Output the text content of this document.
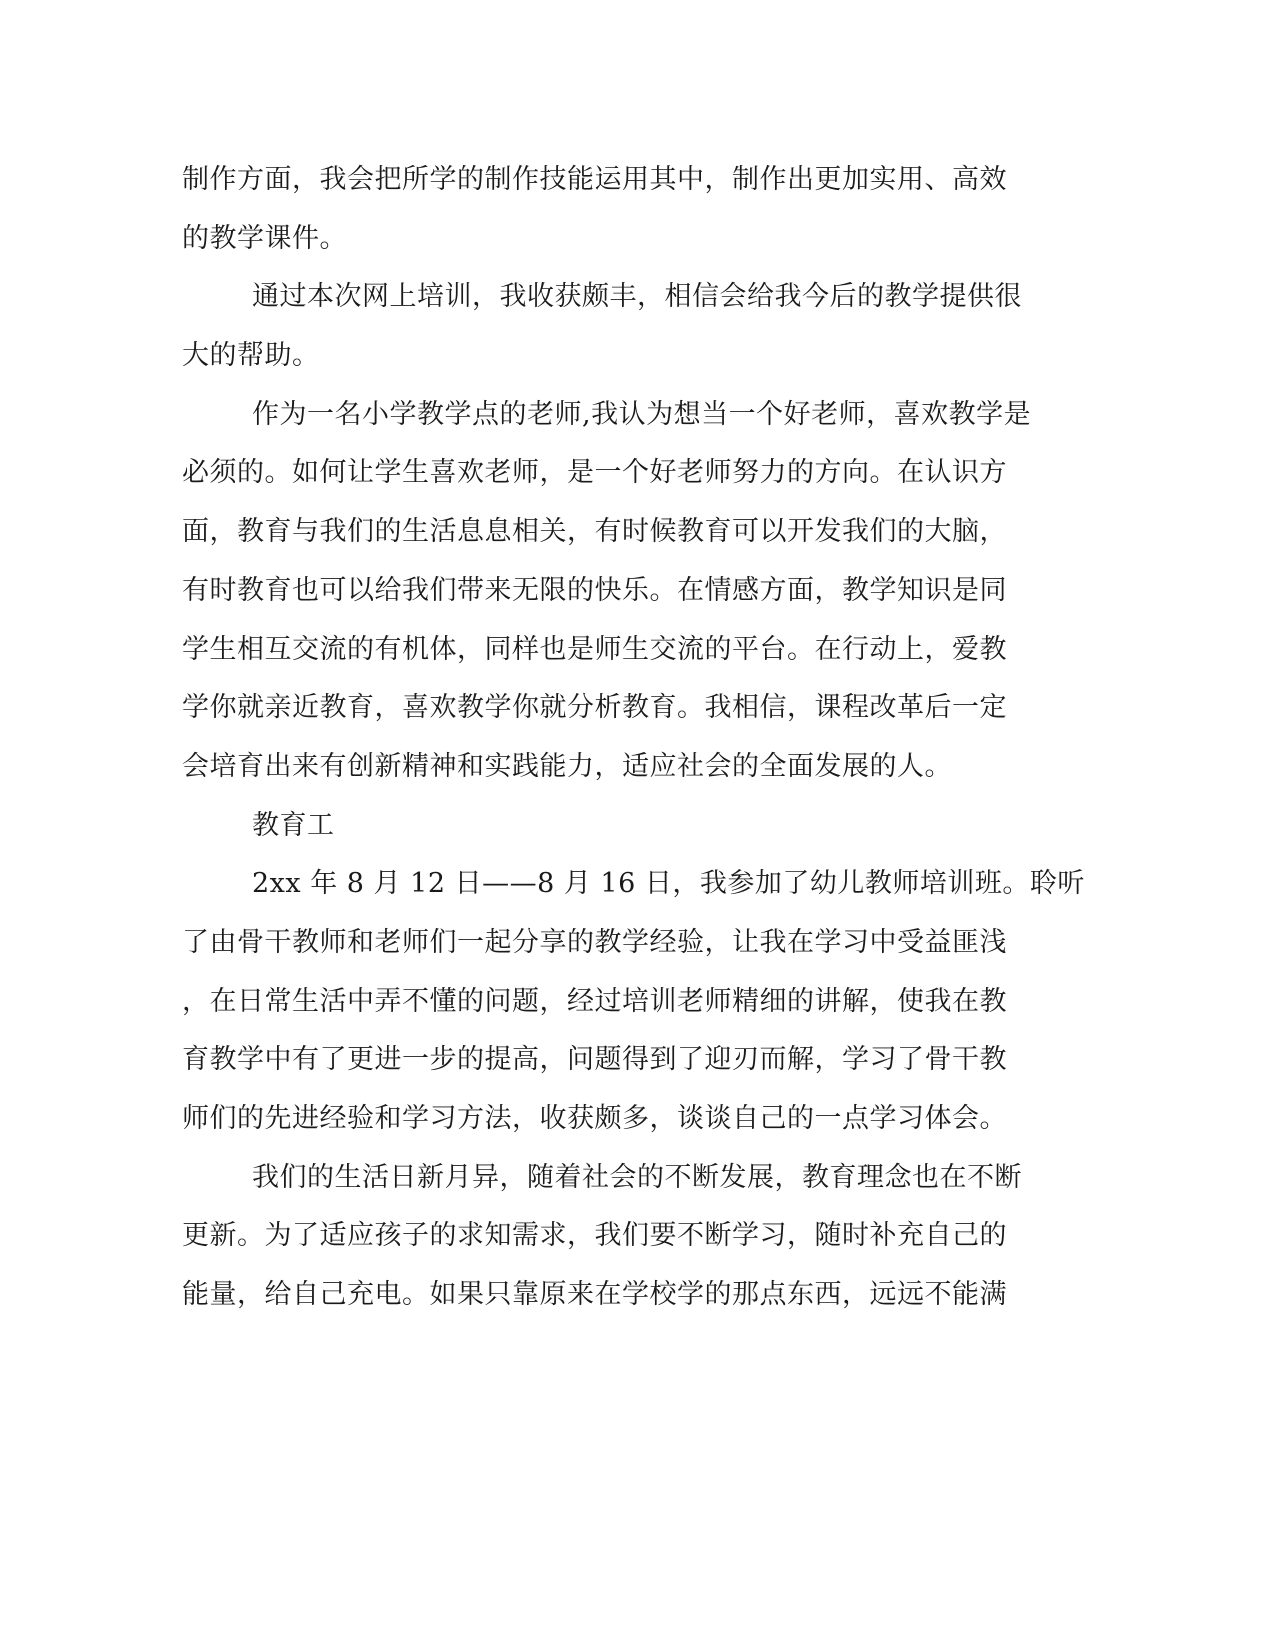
制作方面，我会把所学的制作技能运用其中，制作出更加实用、高效

的教学课件。

通过本次网上培训，我收获颇丰，相信会给我今后的教学提供很

大的帮助。

作为一名小学教学点的老师,我认为想当一个好老师，喜欢教学是

必须的。如何让学生喜欢老师，是一个好老师努力的方向。在认识方

面，教育与我们的生活息息相关，有时候教育可以开发我们的大脑，

有时教育也可以给我们带来无限的快乐。在情感方面，教学知识是同

学生相互交流的有机体，同样也是师生交流的平台。在行动上，爱教

学你就亲近教育，喜欢教学你就分析教育。我相信，课程改革后一定

会培育出来有创新精神和实践能力，适应社会的全面发展的人。

教育工

2xx 年 8 月 12 日——8 月 16 日，我参加了幼儿教师培训班。聆听

了由骨干教师和老师们一起分享的教学经验，让我在学习中受益匪浅

，在日常生活中弄不懂的问题，经过培训老师精细的讲解，使我在教

育教学中有了更进一步的提高，问题得到了迎刃而解，学习了骨干教

师们的先进经验和学习方法，收获颇多，谈谈自己的一点学习体会。

我们的生活日新月异，随着社会的不断发展，教育理念也在不断

更新。为了适应孩子的求知需求，我们要不断学习，随时补充自己的

能量，给自己充电。如果只靠原来在学校学的那点东西，远远不能满
